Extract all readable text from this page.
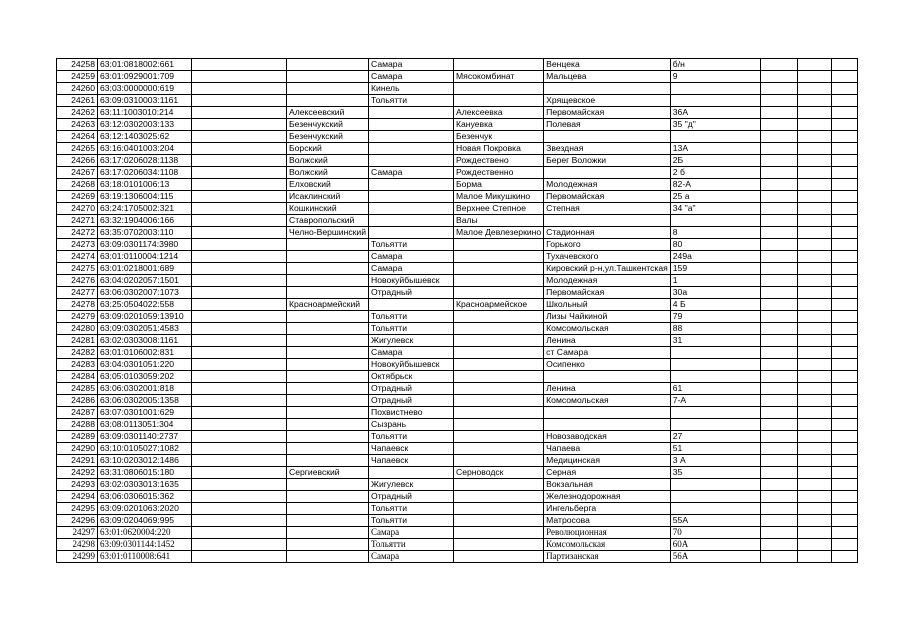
24258	63:01:0818002:661			Самара		Венцека	б/н			
24259	63:01:0929001:709			Самара	Мясокомбинат	Мальцева	9			
24260	63:03:0000000:619			Кинель						
24261	63:09:0310003:1161			Тольятти		Хрящевское				
24262	63:11:1003010:214		Алексеевский		Алексеевка	Первомайская	36А			
24263	63:12:0302003:133		Безенчукский		Кануевка	Полевая	35 "д"			
24264	63:12:1403025:62		Безенчукский		Безенчук					
24265	63:16:0401003:204		Борский		Новая Покровка	Звездная	13А			
24266	63:17:0206028:1138		Волжский		Рождествено	Берег Воложки	2Б			
24267	63:17:0206034:1108		Волжский	Самара	Рождественно		2 б			
24268	63:18:0101006:13		Елховский		Борма	Молодежная	82-А			
24269	63:19:1306004:115		Исаклинский		Малое Микушкино	Первомайская	25 а			
24270	63:24:1705002:321		Кошкинский		Верхнее Степное	Степная	34 "а"			
24271	63:32:1904006:166		Ставропольский		Валы					
24272	63:35:0702003:110		Челно-Вершинский		Малое Девлезеркино	Стадионная	8			
24273	63:09:0301174:3980			Тольятти		Горького	80			
24274	63:01:0110004:1214			Самара		Тухачевского	249а			
24275	63:01:0218001:689			Самара		Кировский р-н,ул.Ташкентская	159			
24276	63:04:0202057:1501			Новокуйбышевск		Молодежная	1			
24277	63:06:0302007:1073			Отрадный		Первомайская	30а			
24278	63:25:0504022:558		Красноармейский		Красноармейское	Школьный	4 Б			
24279	63:09:0201059:13910			Тольятти		Лизы Чайкиной	79			
24280	63:09:0302051:4583			Тольятти		Комсомольская	88			
24281	63:02:0303008:1161			Жигулевск		Ленина	31			
24282	63:01:0106002:831			Самара		ст Самара				
24283	63:04:0301051:220			Новокуйбышевск		Осипенко				
24284	63:05:0103059:202			Октябрьск						
24285	63:06:0302001:818			Отрадный		Ленина	61			
24286	63:06:0302005:1358			Отрадный		Комсомольская	7-А			
24287	63:07:0301001:629			Похвистнево						
24288	63:08:0113051:304			Сызрань						
24289	63:09:0301140:2737			Тольятти		Новозаводская	27			
24290	63:10:0105027:1082			Чапаевск		Чапаева	51			
24291	63:10:0203012:1486			Чапаевск		Медицинская	3 А			
24292	63:31:0806015:180		Сергиевский		Серноводск	Серная	35			
24293	63:02:0303013:1635			Жигулевск		Вокзальная				
24294	63:06:0306015:362			Отрадный		Железнодорожная				
24295	63:09:0201063:2020			Тольятти		Ингельберга				
24296	63:09:0204069:995			Тольятти		Матросова	55А			
24297	63:01:0620004:220			Самара		Революционная	70			
24298	63:09:0301144:1452			Тольятти		Комсомольская	60А			
24299	63:01:0110008:641			Самара		Партизанская	56А			
